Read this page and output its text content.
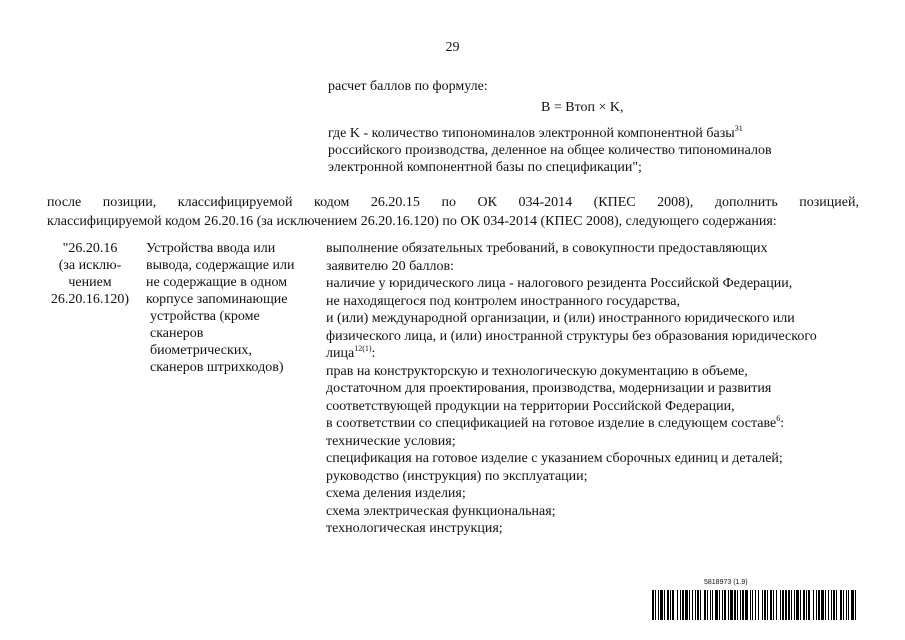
29
расчет баллов по формуле:
B = Bтоп × K,
где K - количество типономиналов электронной компонентной базы$^{31}$
российского производства, деленное на общее количество типономиналов
электронной компонентной базы по спецификации";
после позиции, классифицируемой кодом 26.20.15 по ОК 034-2014 (КПЕС 2008), дополнить позицией,
классифицируемой кодом 26.20.16 (за исключением 26.20.16.120) по ОК 034-2014 (КПЕС 2008), следующего содержания:
"26.20.16
(за исклю-
чением
26.20.16.120)
Устройства ввода или
вывода, содержащие или
не содержащие в одном
корпусе запоминающие
устройства (кроме
сканеров
биометрических,
сканеров штрихкодов)
выполнение обязательных требований, в совокупности предоставляющих
заявителю 20 баллов:
наличие у юридического лица - налогового резидента Российской Федерации,
не находящегося под контролем иностранного государства,
и (или) международной организации, и (или) иностранного юридического или
физического лица, и (или) иностранной структуры без образования юридического
лица$^{12(1)}$:
прав на конструкторскую и технологическую документацию в объеме,
достаточном для проектирования, производства, модернизации и развития
соответствующей продукции на территории Российской Федерации,
в соответствии со спецификацией на готовое изделие в следующем составе$^6$:
технические условия;
спецификация на готовое изделие с указанием сборочных единиц и деталей;
руководство (инструкция) по эксплуатации;
схема деления изделия;
схема электрическая функциональная;
технологическая инструкция;
5818973 (1.9)
